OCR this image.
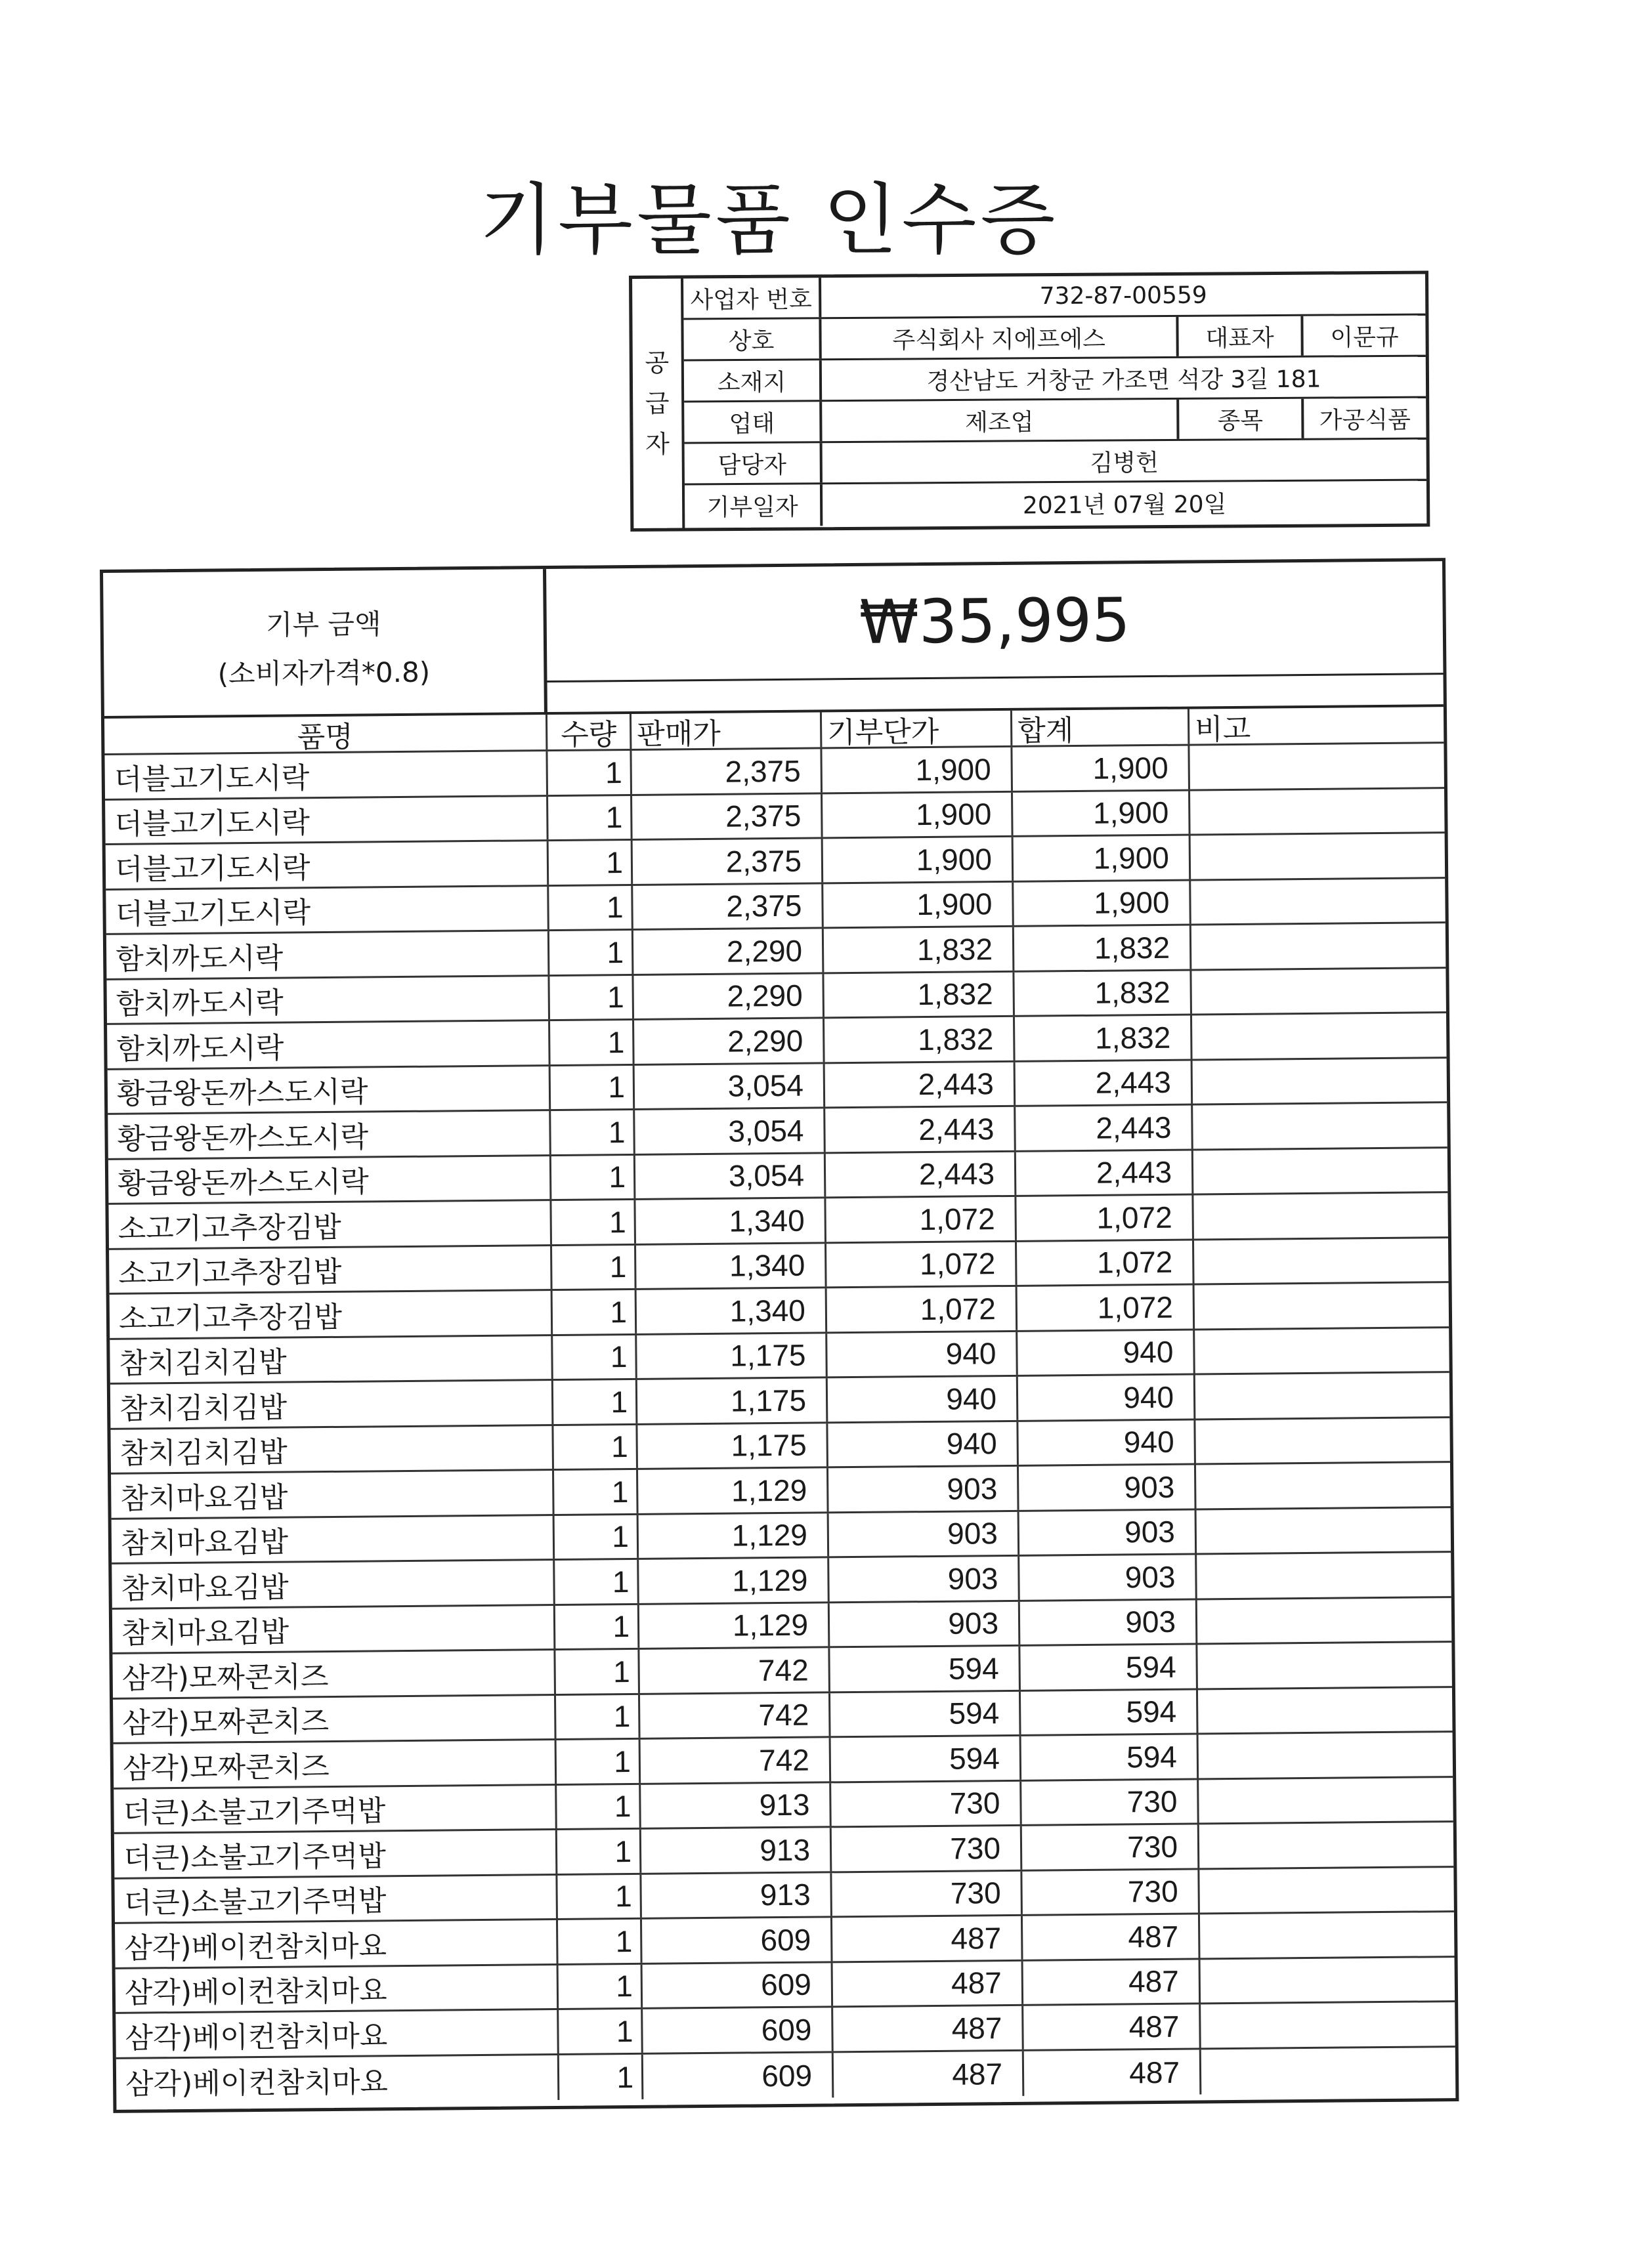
기부물품 인수증
공
급
자
사업자 번호	732-87-00559
상호	주식회사 지에프에스	대표자	이문규
소재지	경산남도 거창군 가조면 석강 3길 181
업태	제조업	종목	가공식품
담당자	김병헌
기부일자	2021년 07월 20일
기부 금액
(소비자가격*0.8)
₩35,995
품명	수량 판매가	기부단가	합계	비고
더블고기도시락	1	2,375	1,900	1,900
더블고기도시락	1	2,375	1,900	1,900
더블고기도시락	1	2,375	1,900	1,900
더블고기도시락	1	2,375	1,900	1,900
함치까도시락	1	2,290	1,832	1,832
함치까도시락	1	2,290	1,832	1,832
함치까도시락	1	2,290	1,832	1,832
황금왕돈까스도시락	1	3,054	2,443	2,443
황금왕돈까스도시락	1	3,054	2,443	2,443
황금왕돈까스도시락	1	3,054	2,443	2,443
소고기고추장김밥	1	1,340	1,072	1,072
소고기고추장김밥	1	1,340	1,072	1,072
소고기고추장김밥	1	1,340	1,072	1,072
참치김치김밥	1	1,175	940	940
참치김치김밥	1	1,175	940	940
참치김치김밥	1	1,175	940	940
참치마요김밥	1	1,129	903	903
참치마요김밥	1	1,129	903	903
참치마요김밥	1	1,129	903	903
참치마요김밥	1	1,129	903	903
삼각)모짜콘치즈	1	742	594	594
삼각)모짜콘치즈	1	742	594	594
삼각)모짜콘치즈	1	742	594	594
더큰)소불고기주먹밥	1	913	730	730
더큰)소불고기주먹밥	1	913	730	730
더큰)소불고기주먹밥	1	913	730	730
삼각)베이컨참치마요	1	609	487	487
삼각)베이컨참치마요	1	609	487	487
삼각)베이컨참치마요	1	609	487	487
삼각)베이컨참치마요	1	609	487	487
